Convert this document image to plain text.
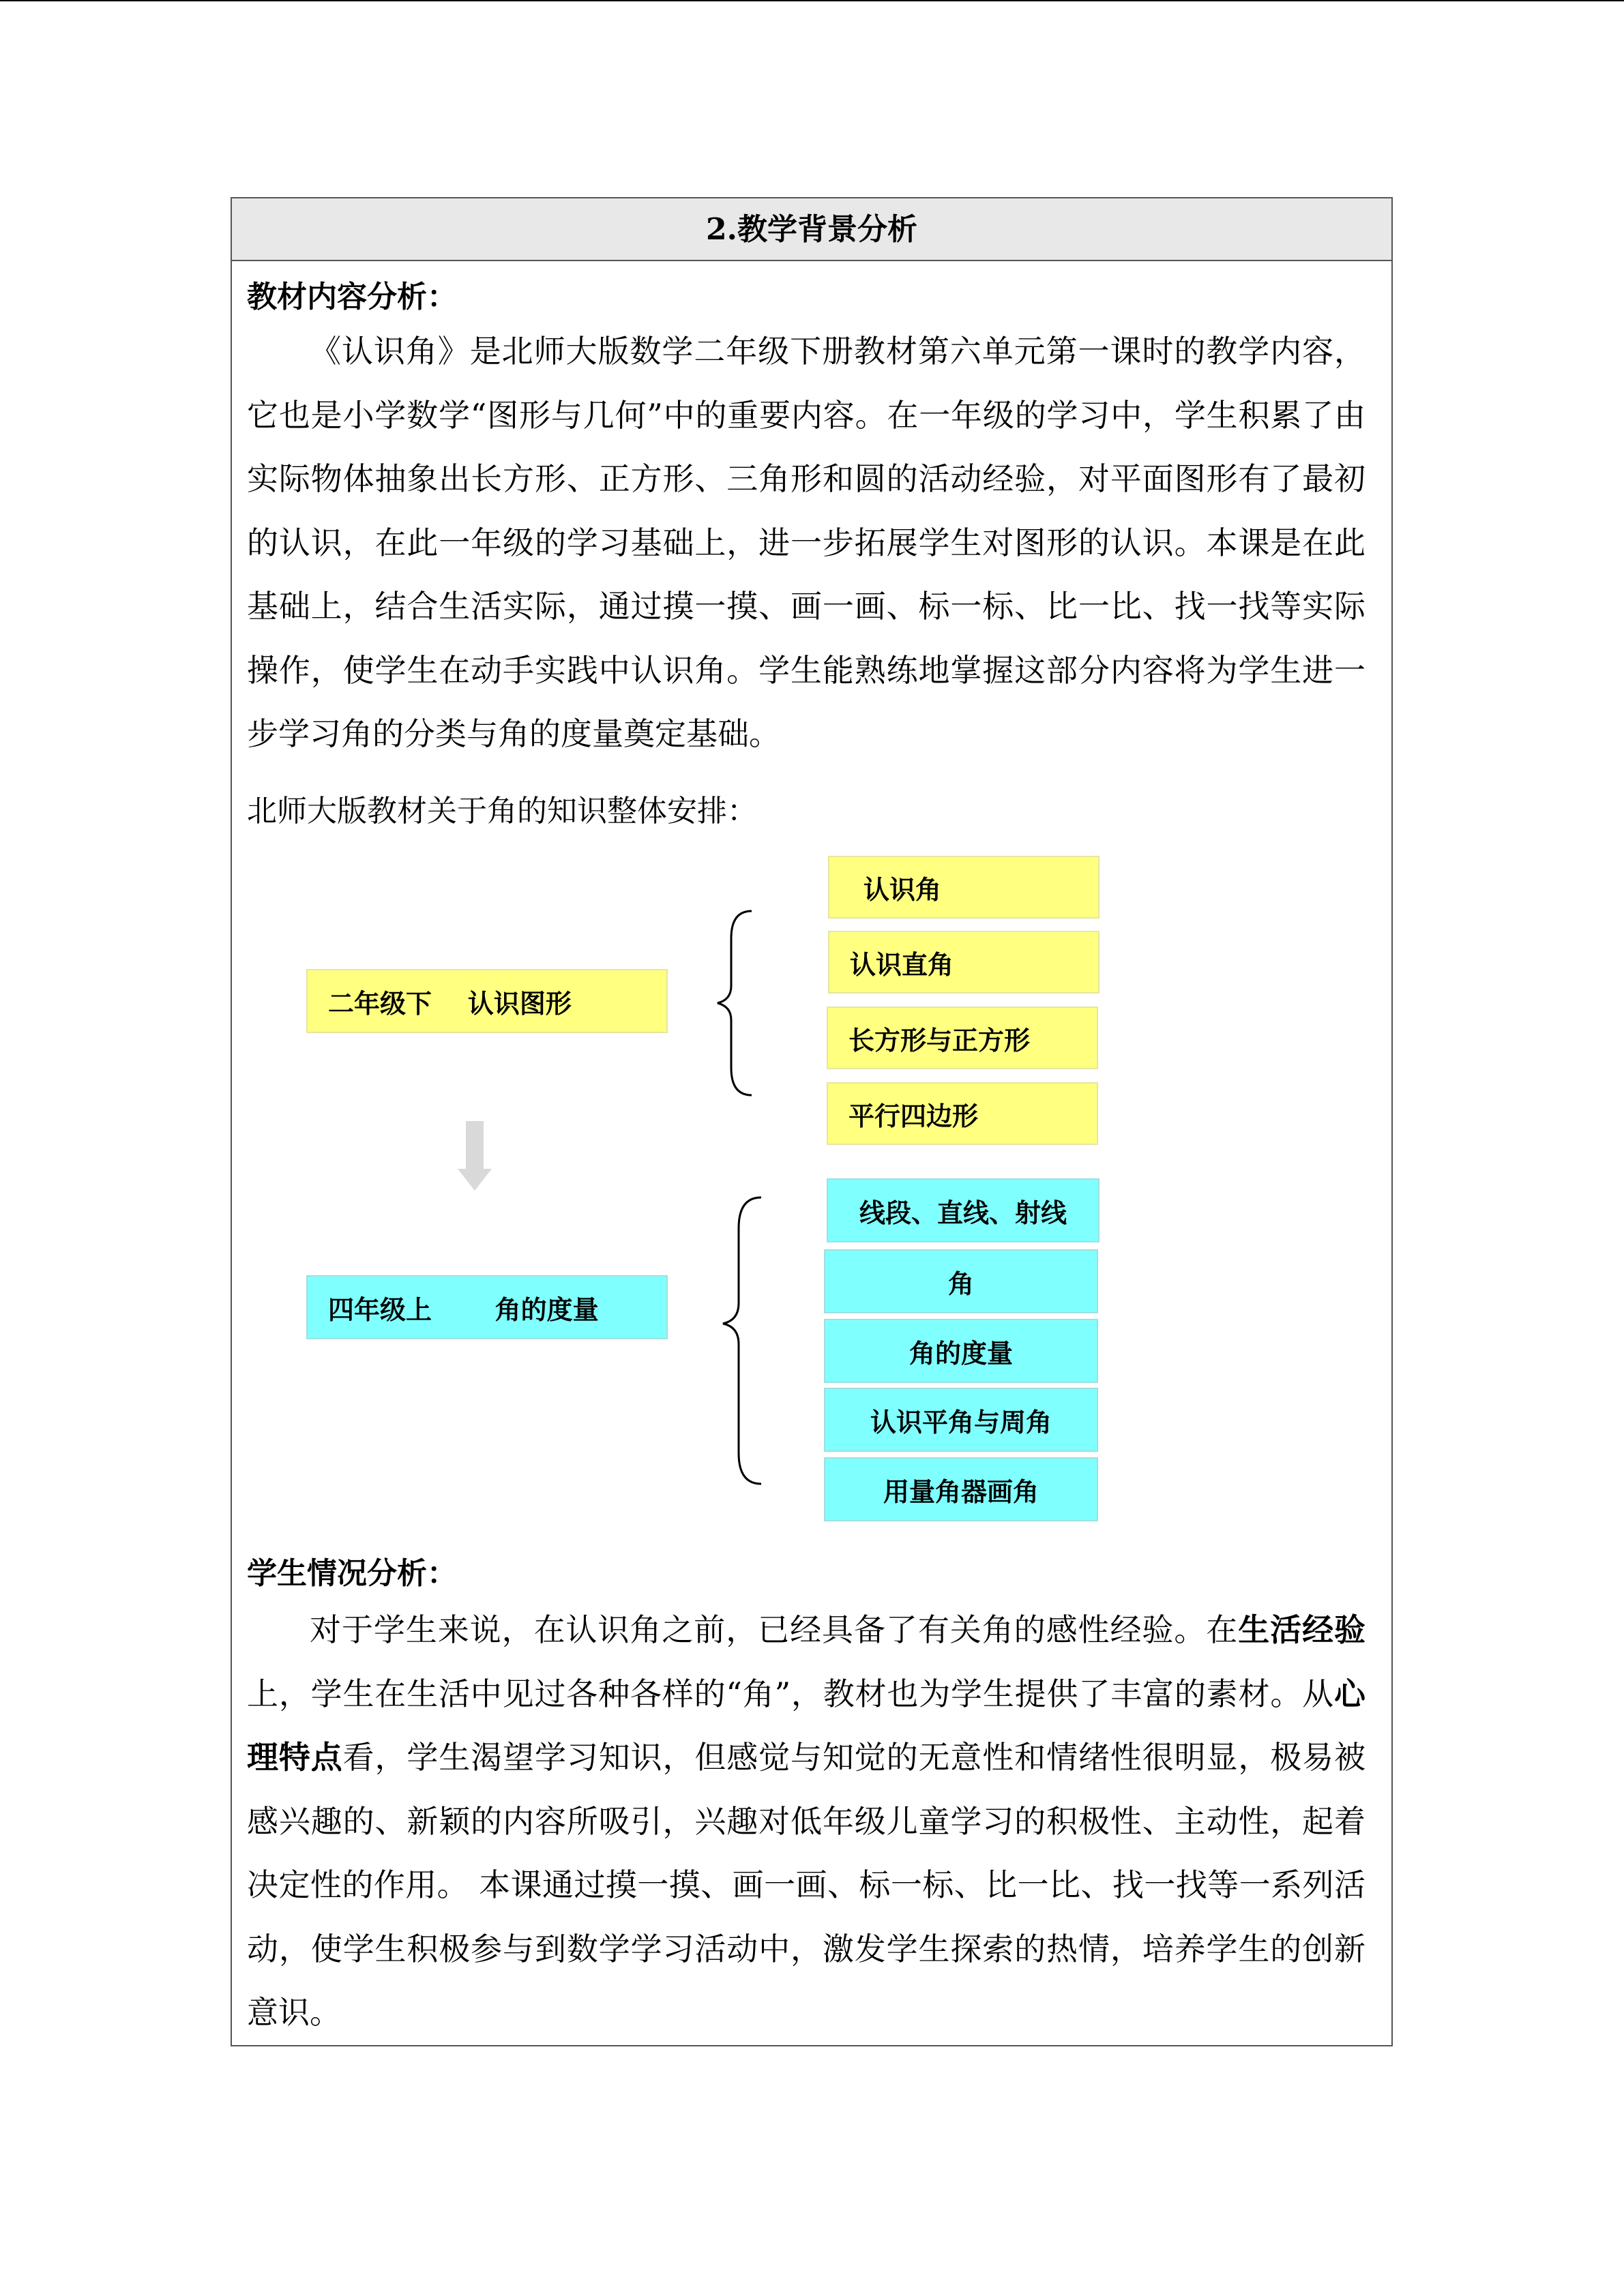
2.教学背景分析
教材内容分析：
《认识角》是北师大版数学二年级下册教材第六单元第一课时的教学内容，它也是小学数学“图形与几何”中的重要内容。在一年级的学习中，学生积累了由实际物体抽象出长方形、正方形、三角形和圆的活动经验，对平面图形有了最初的认识，在此一年级的学习基础上，进一步拓展学生对图形的认识。本课是在此基础上，结合生活实际，通过摸一摸、画一画、标一标、比一比、找一找等实际操作，使学生在动手实践中认识角。学生能熟练地掌握这部分内容将为学生进一步学习角的分类与角的度量奠定基础。
北师大版教材关于角的知识整体安排：
二年级下    认识图形
认识角
认识直角
长方形与正方形
平行四边形
四年级上       角的度量
线段、直线、射线
角
角的度量
认识平角与周角
用量角器画角
学生情况分析：
对于学生来说，在认识角之前，已经具备了有关角的感性经验。在生活经验上，学生在生活中见过各种各样的“角”，教材也为学生提供了丰富的素材。从心理特点看，学生渴望学习知识，但感觉与知觉的无意性和情绪性很明显，极易被感兴趣的、新颖的内容所吸引，兴趣对低年级儿童学习的积极性、主动性，起着决定性的作用。 本课通过摸一摸、画一画、标一标、比一比、找一找等一系列活动，使学生积极参与到数学学习活动中，激发学生探索的热情，培养学生的创新意识。
